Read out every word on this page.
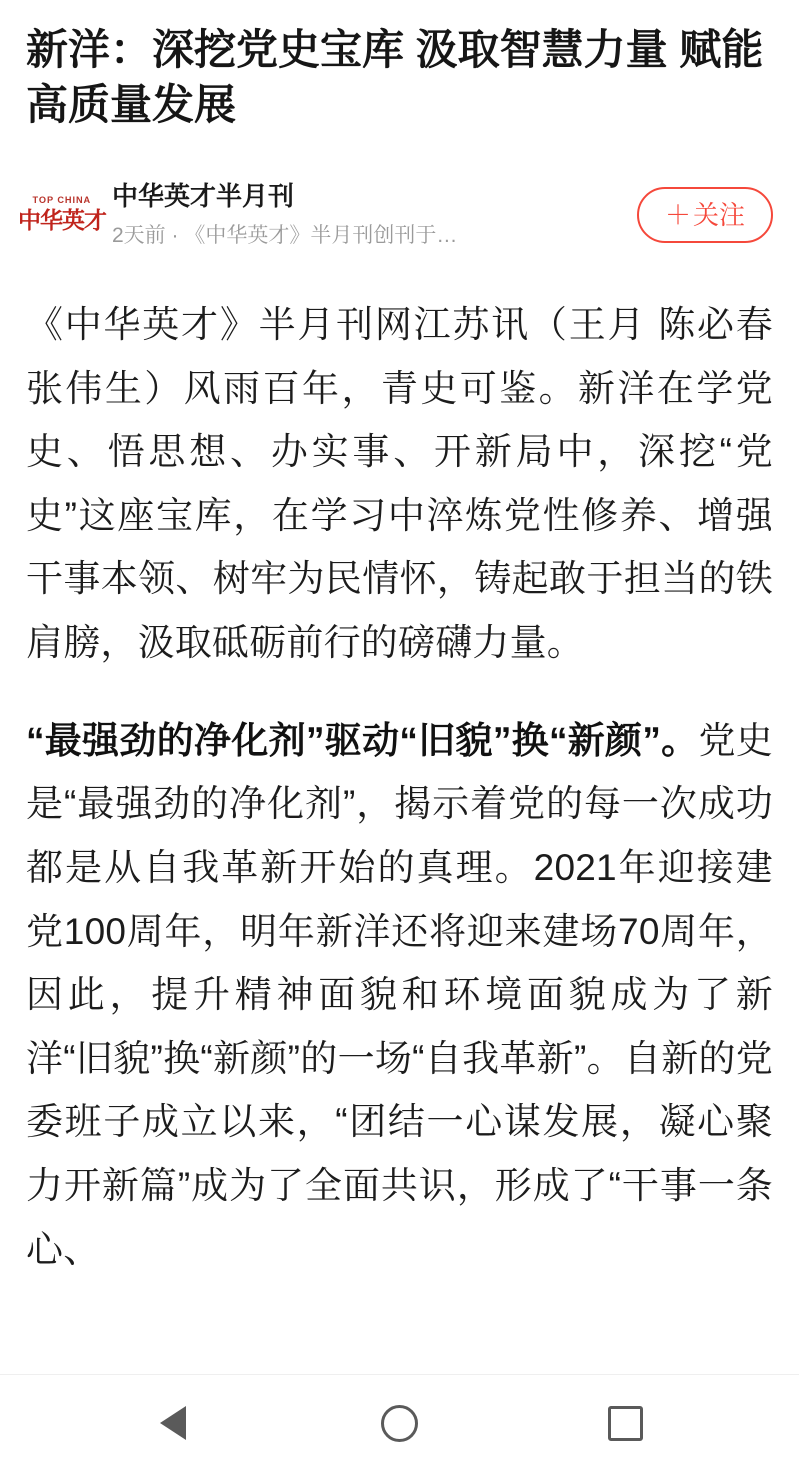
新洋：深挖党史宝库 汲取智慧力量 赋能高质量发展
TOP CHINA
中华英才
中华英才半月刊
2天前 · 《中华英才》半月刊创刊于…
＋ 关注

《中华英才》半月刊网江苏讯（王月 陈必春 张伟生）风雨百年，青史可鉴。新洋在学党史、悟思想、办实事、开新局中，深挖“党史”这座宝库，在学习中淬炼党性修养、增强干事本领、树牢为民情怀，铸起敢于担当的铁肩膀，汲取砥砺前行的磅礴力量。

“最强劲的净化剂”驱动“旧貌”换“新颜”。党史是“最强劲的净化剂”，揭示着党的每一次成功都是从自我革新开始的真理。2021年迎接建党100周年，明年新洋还将迎来建场70周年，因此，提升精神面貌和环境面貌成为了新洋“旧貌”换“新颜”的一场“自我革新”。自新的党委班子成立以来，“团结一心谋发展，凝心聚力开新篇”成为了全面共识，形成了“干事一条心、
